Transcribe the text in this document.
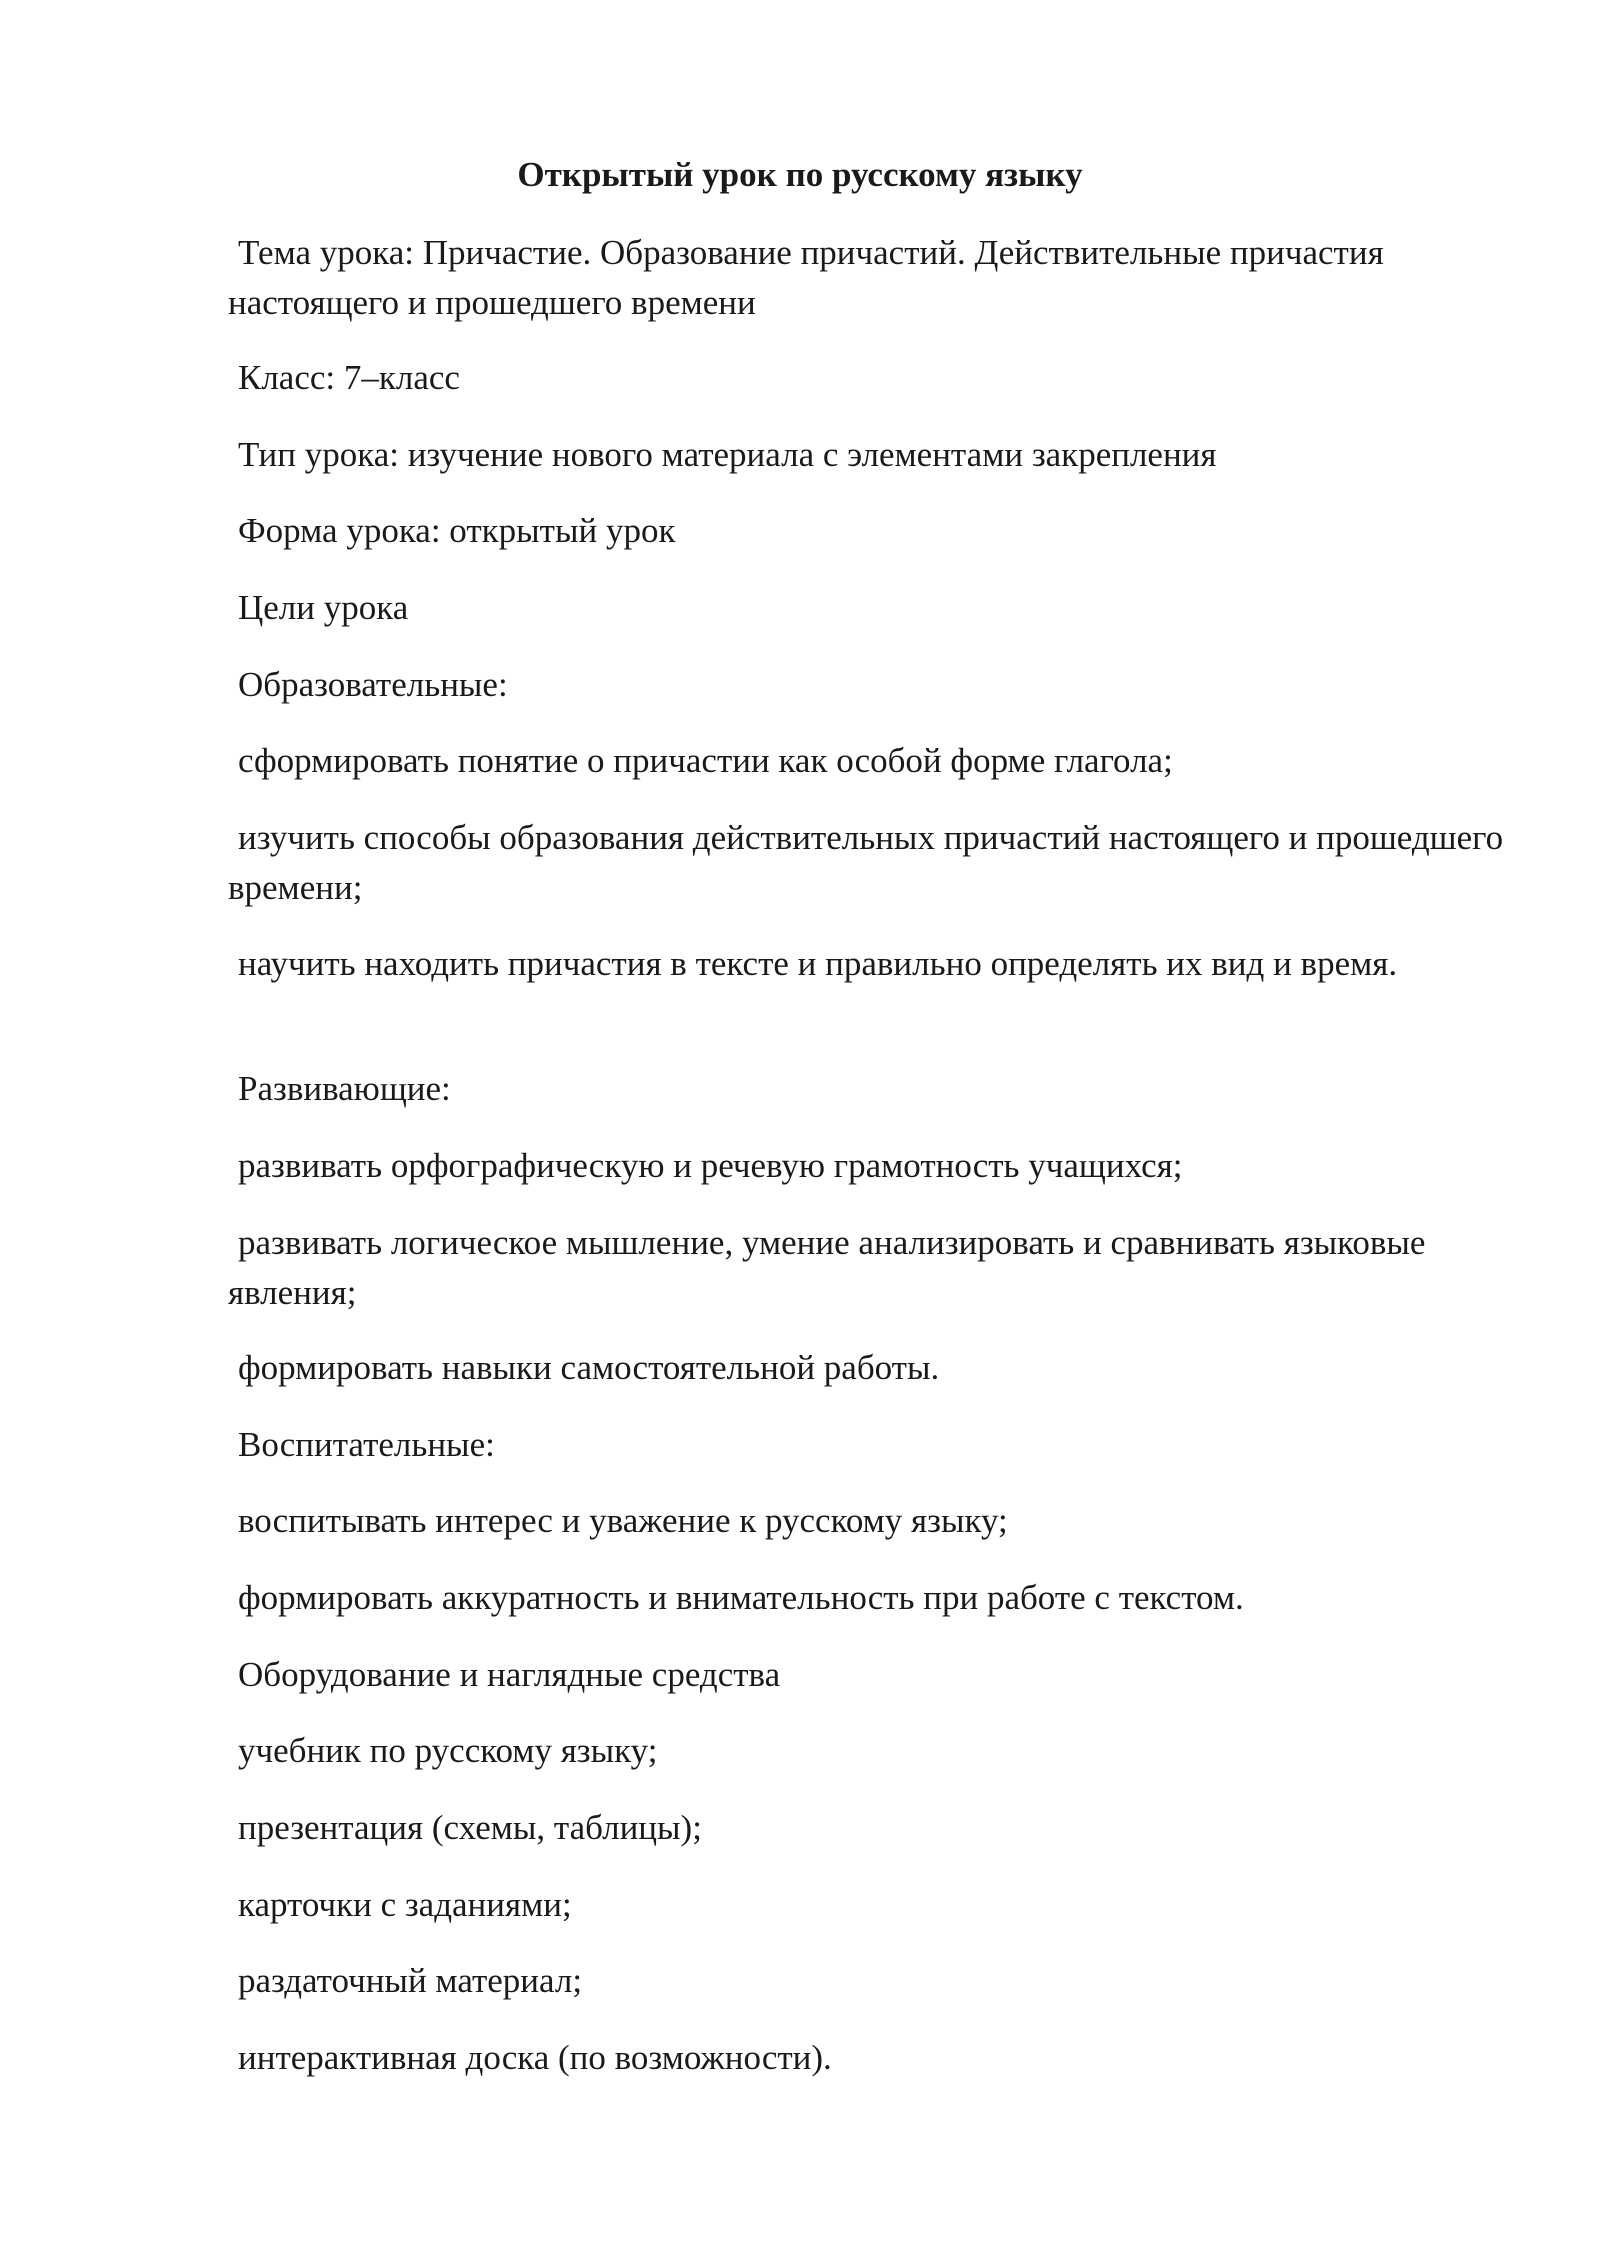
Открытый урок по русскому языку

Тема урока: Причастие. Образование причастий. Действительные причастия настоящего и прошедшего времени

Класс: 7–класс

Тип урока: изучение нового материала с элементами закрепления

Форма урока: открытый урок

Цели урока

Образовательные:

сформировать понятие о причастии как особой форме глагола;

изучить способы образования действительных причастий настоящего и прошедшего времени;

научить находить причастия в тексте и правильно определять их вид и время.

Развивающие:

развивать орфографическую и речевую грамотность учащихся;

развивать логическое мышление, умение анализировать и сравнивать языковые явления;

формировать навыки самостоятельной работы.

Воспитательные:

воспитывать интерес и уважение к русскому языку;

формировать аккуратность и внимательность при работе с текстом.

Оборудование и наглядные средства

учебник по русскому языку;

презентация (схемы, таблицы);

карточки с заданиями;

раздаточный материал;

интерактивная доска (по возможности).
